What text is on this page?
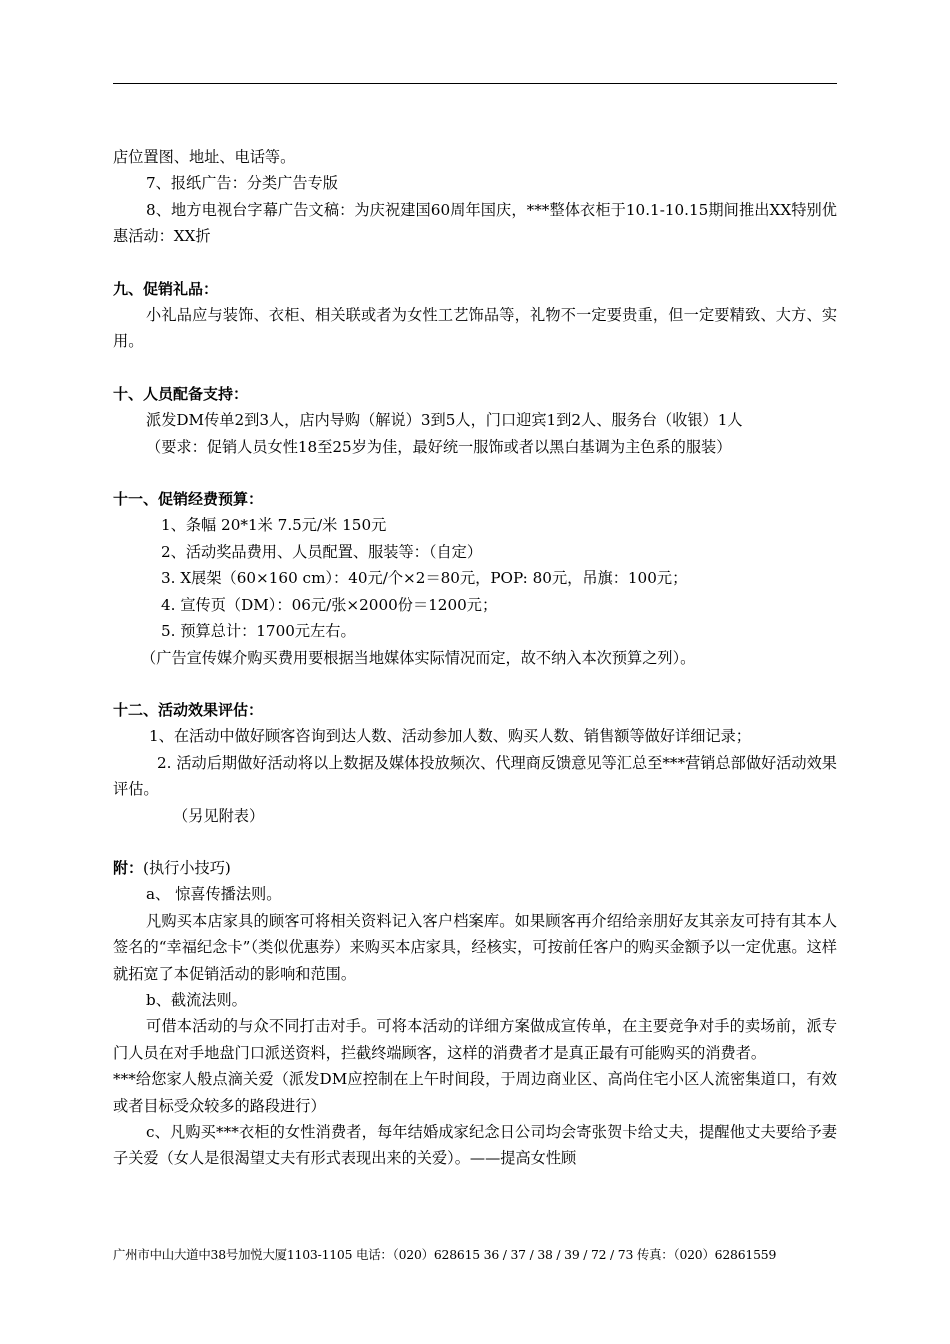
店位置图、地址、电话等。

7、报纸广告：分类广告专版

8、地方电视台字幕广告文稿：为庆祝建国60周年国庆，***整体衣柜于10.1-10.15期间推出XX特别优惠活动：XX折

九、促销礼品：

小礼品应与装饰、衣柜、相关联或者为女性工艺饰品等，礼物不一定要贵重，但一定要精致、大方、实用。

十、人员配备支持：

派发DM传单2到3人，店内导购（解说）3到5人，门口迎宾1到2人、服务台（收银）1人

（要求：促销人员女性18至25岁为佳，最好统一服饰或者以黑白基调为主色系的服装）

十一、促销经费预算：

1、条幅 20*1米 7.5元/米 150元

2、活动奖品费用、人员配置、服装等：（自定）

3. X展架（60×160 cm）：40元/个×2＝80元，POP: 80元，吊旗：100元；

4. 宣传页（DM）：06元/张×2000份＝1200元；

5. 预算总计：1700元左右。

（广告宣传媒介购买费用要根据当地媒体实际情况而定，故不纳入本次预算之列）。

十二、活动效果评估：

1、在活动中做好顾客咨询到达人数、活动参加人数、购买人数、销售额等做好详细记录；

2. 活动后期做好活动将以上数据及媒体投放频次、代理商反馈意见等汇总至***营销总部做好活动效果评估。

（另见附表）

附：(执行小技巧)

a、 惊喜传播法则。

凡购买本店家具的顾客可将相关资料记入客户档案库。如果顾客再介绍给亲朋好友其亲友可持有其本人签名的“幸福纪念卡”（类似优惠券）来购买本店家具，经核实，可按前任客户的购买金额予以一定优惠。这样就拓宽了本促销活动的影响和范围。

b、截流法则。

可借本活动的与众不同打击对手。可将本活动的详细方案做成宣传单，在主要竞争对手的卖场前，派专门人员在对手地盘门口派送资料，拦截终端顾客，这样的消费者才是真正最有可能购买的消费者。

***给您家人般点滴关爱（派发DM应控制在上午时间段，于周边商业区、高尚住宅小区人流密集道口，有效或者目标受众较多的路段进行）

c、凡购买***衣柜的女性消费者，每年结婚成家纪念日公司均会寄张贺卡给丈夫，提醒他丈夫要给予妻子关爱（女人是很渴望丈夫有形式表现出来的关爱）。——提高女性顾

广州市中山大道中38号加悦大厦1103-1105 电话：（020）628615 36 / 37 / 38 / 39 / 72 / 73 传真：（020）62861559
